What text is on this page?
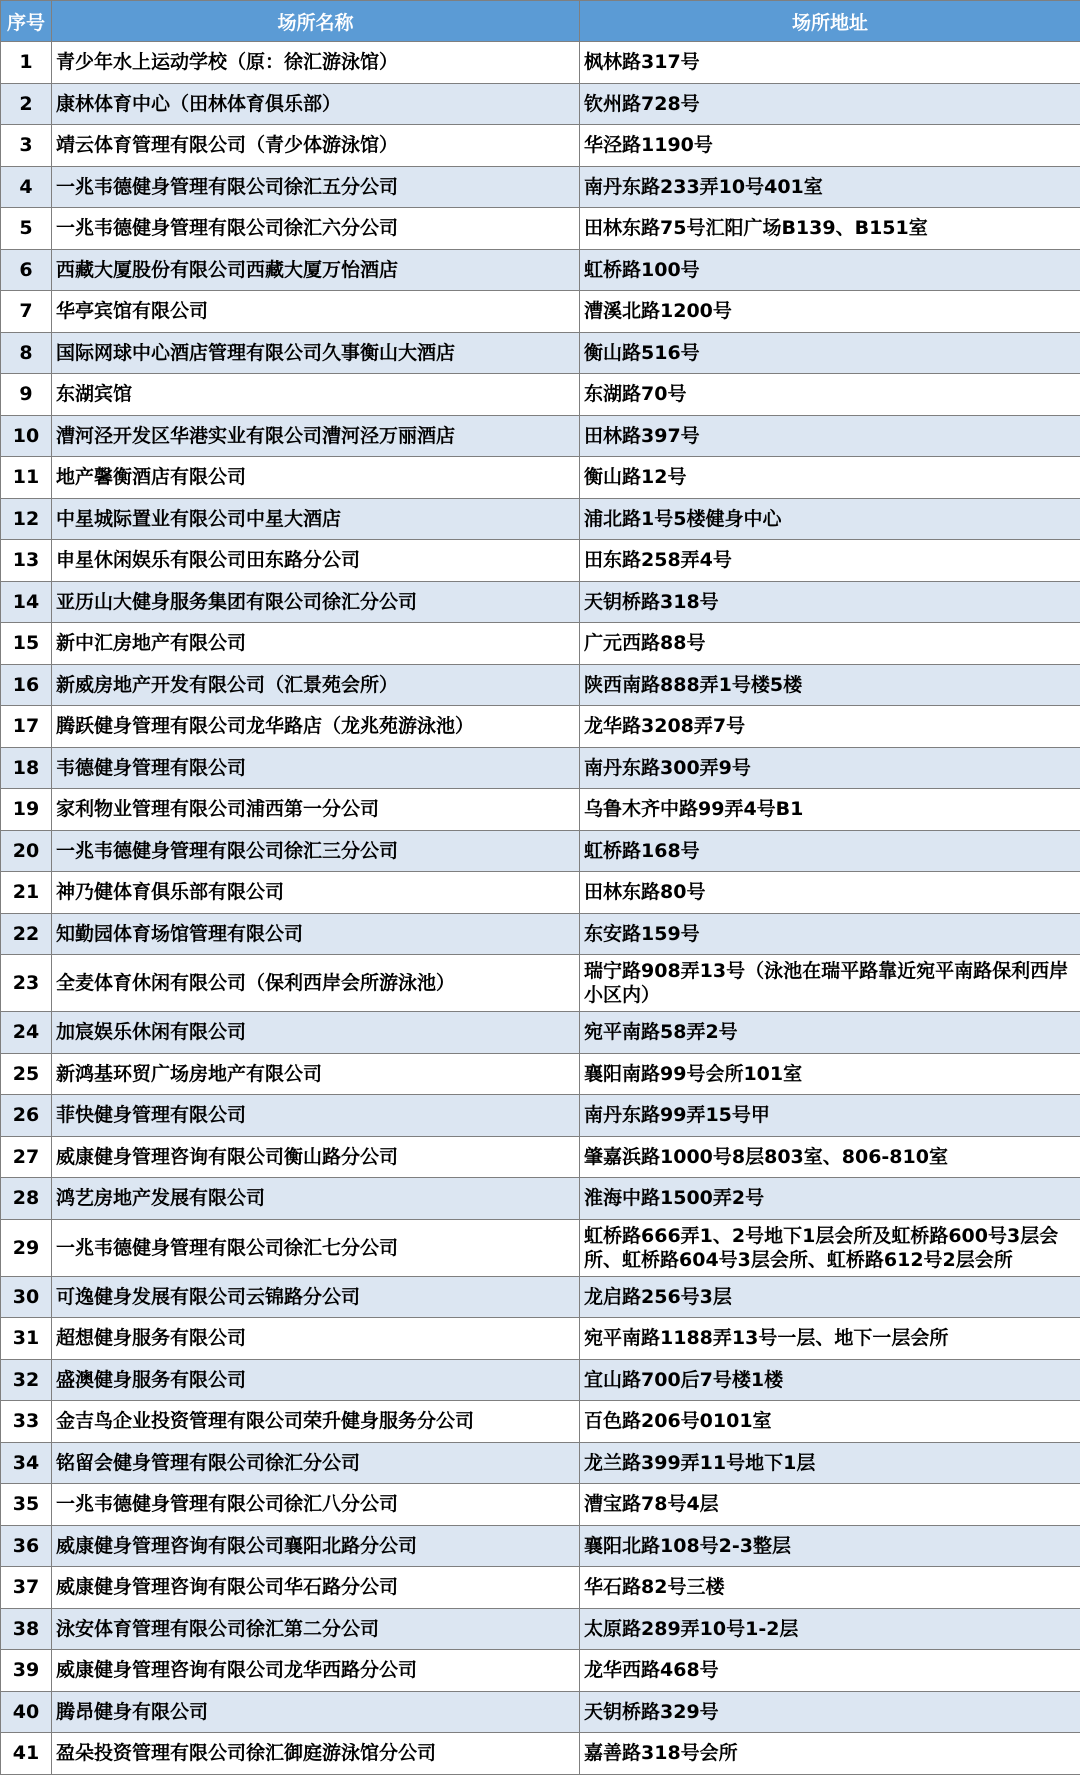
序号	场所名称	场所地址
1	青少年水上运动学校（原：徐汇游泳馆）	枫林路317号
2	康林体育中心（田林体育俱乐部）	钦州路728号
3	靖云体育管理有限公司（青少体游泳馆）	华泾路1190号
4	一兆韦德健身管理有限公司徐汇五分公司	南丹东路233弄10号401室
5	一兆韦德健身管理有限公司徐汇六分公司	田林东路75号汇阳广场B139、B151室
6	西藏大厦股份有限公司西藏大厦万怡酒店	虹桥路100号
7	华亭宾馆有限公司	漕溪北路1200号
8	国际网球中心酒店管理有限公司久事衡山大酒店	衡山路516号
9	东湖宾馆	东湖路70号
10	漕河泾开发区华港实业有限公司漕河泾万丽酒店	田林路397号
11	地产馨衡酒店有限公司	衡山路12号
12	中星城际置业有限公司中星大酒店	浦北路1号5楼健身中心
13	申星休闲娱乐有限公司田东路分公司	田东路258弄4号
14	亚历山大健身服务集团有限公司徐汇分公司	天钥桥路318号
15	新中汇房地产有限公司	广元西路88号
16	新威房地产开发有限公司（汇景苑会所）	陕西南路888弄1号楼5楼
17	腾跃健身管理有限公司龙华路店（龙兆苑游泳池）	龙华路3208弄7号
18	韦德健身管理有限公司	南丹东路300弄9号
19	家利物业管理有限公司浦西第一分公司	乌鲁木齐中路99弄4号B1
20	一兆韦德健身管理有限公司徐汇三分公司	虹桥路168号
21	神乃健体育俱乐部有限公司	田林东路80号
22	知勤园体育场馆管理有限公司	东安路159号
23	全麦体育休闲有限公司（保利西岸会所游泳池）	瑞宁路908弄13号（泳池在瑞平路靠近宛平南路保利西岸小区内）
24	加宸娱乐休闲有限公司	宛平南路58弄2号
25	新鸿基环贸广场房地产有限公司	襄阳南路99号会所101室
26	菲快健身管理有限公司	南丹东路99弄15号甲
27	威康健身管理咨询有限公司衡山路分公司	肇嘉浜路1000号8层803室、806-810室
28	鸿艺房地产发展有限公司	淮海中路1500弄2号
29	一兆韦德健身管理有限公司徐汇七分公司	虹桥路666弄1、2号地下1层会所及虹桥路600号3层会所、虹桥路604号3层会所、虹桥路612号2层会所
30	可逸健身发展有限公司云锦路分公司	龙启路256号3层
31	超想健身服务有限公司	宛平南路1188弄13号一层、地下一层会所
32	盛澳健身服务有限公司	宜山路700后7号楼1楼
33	金吉鸟企业投资管理有限公司荣升健身服务分公司	百色路206号0101室
34	铭留会健身管理有限公司徐汇分公司	龙兰路399弄11号地下1层
35	一兆韦德健身管理有限公司徐汇八分公司	漕宝路78号4层
36	威康健身管理咨询有限公司襄阳北路分公司	襄阳北路108号2-3整层
37	威康健身管理咨询有限公司华石路分公司	华石路82号三楼
38	泳安体育管理有限公司徐汇第二分公司	太原路289弄10号1-2层
39	威康健身管理咨询有限公司龙华西路分公司	龙华西路468号
40	腾昂健身有限公司	天钥桥路329号
41	盈朵投资管理有限公司徐汇御庭游泳馆分公司	嘉善路318号会所
